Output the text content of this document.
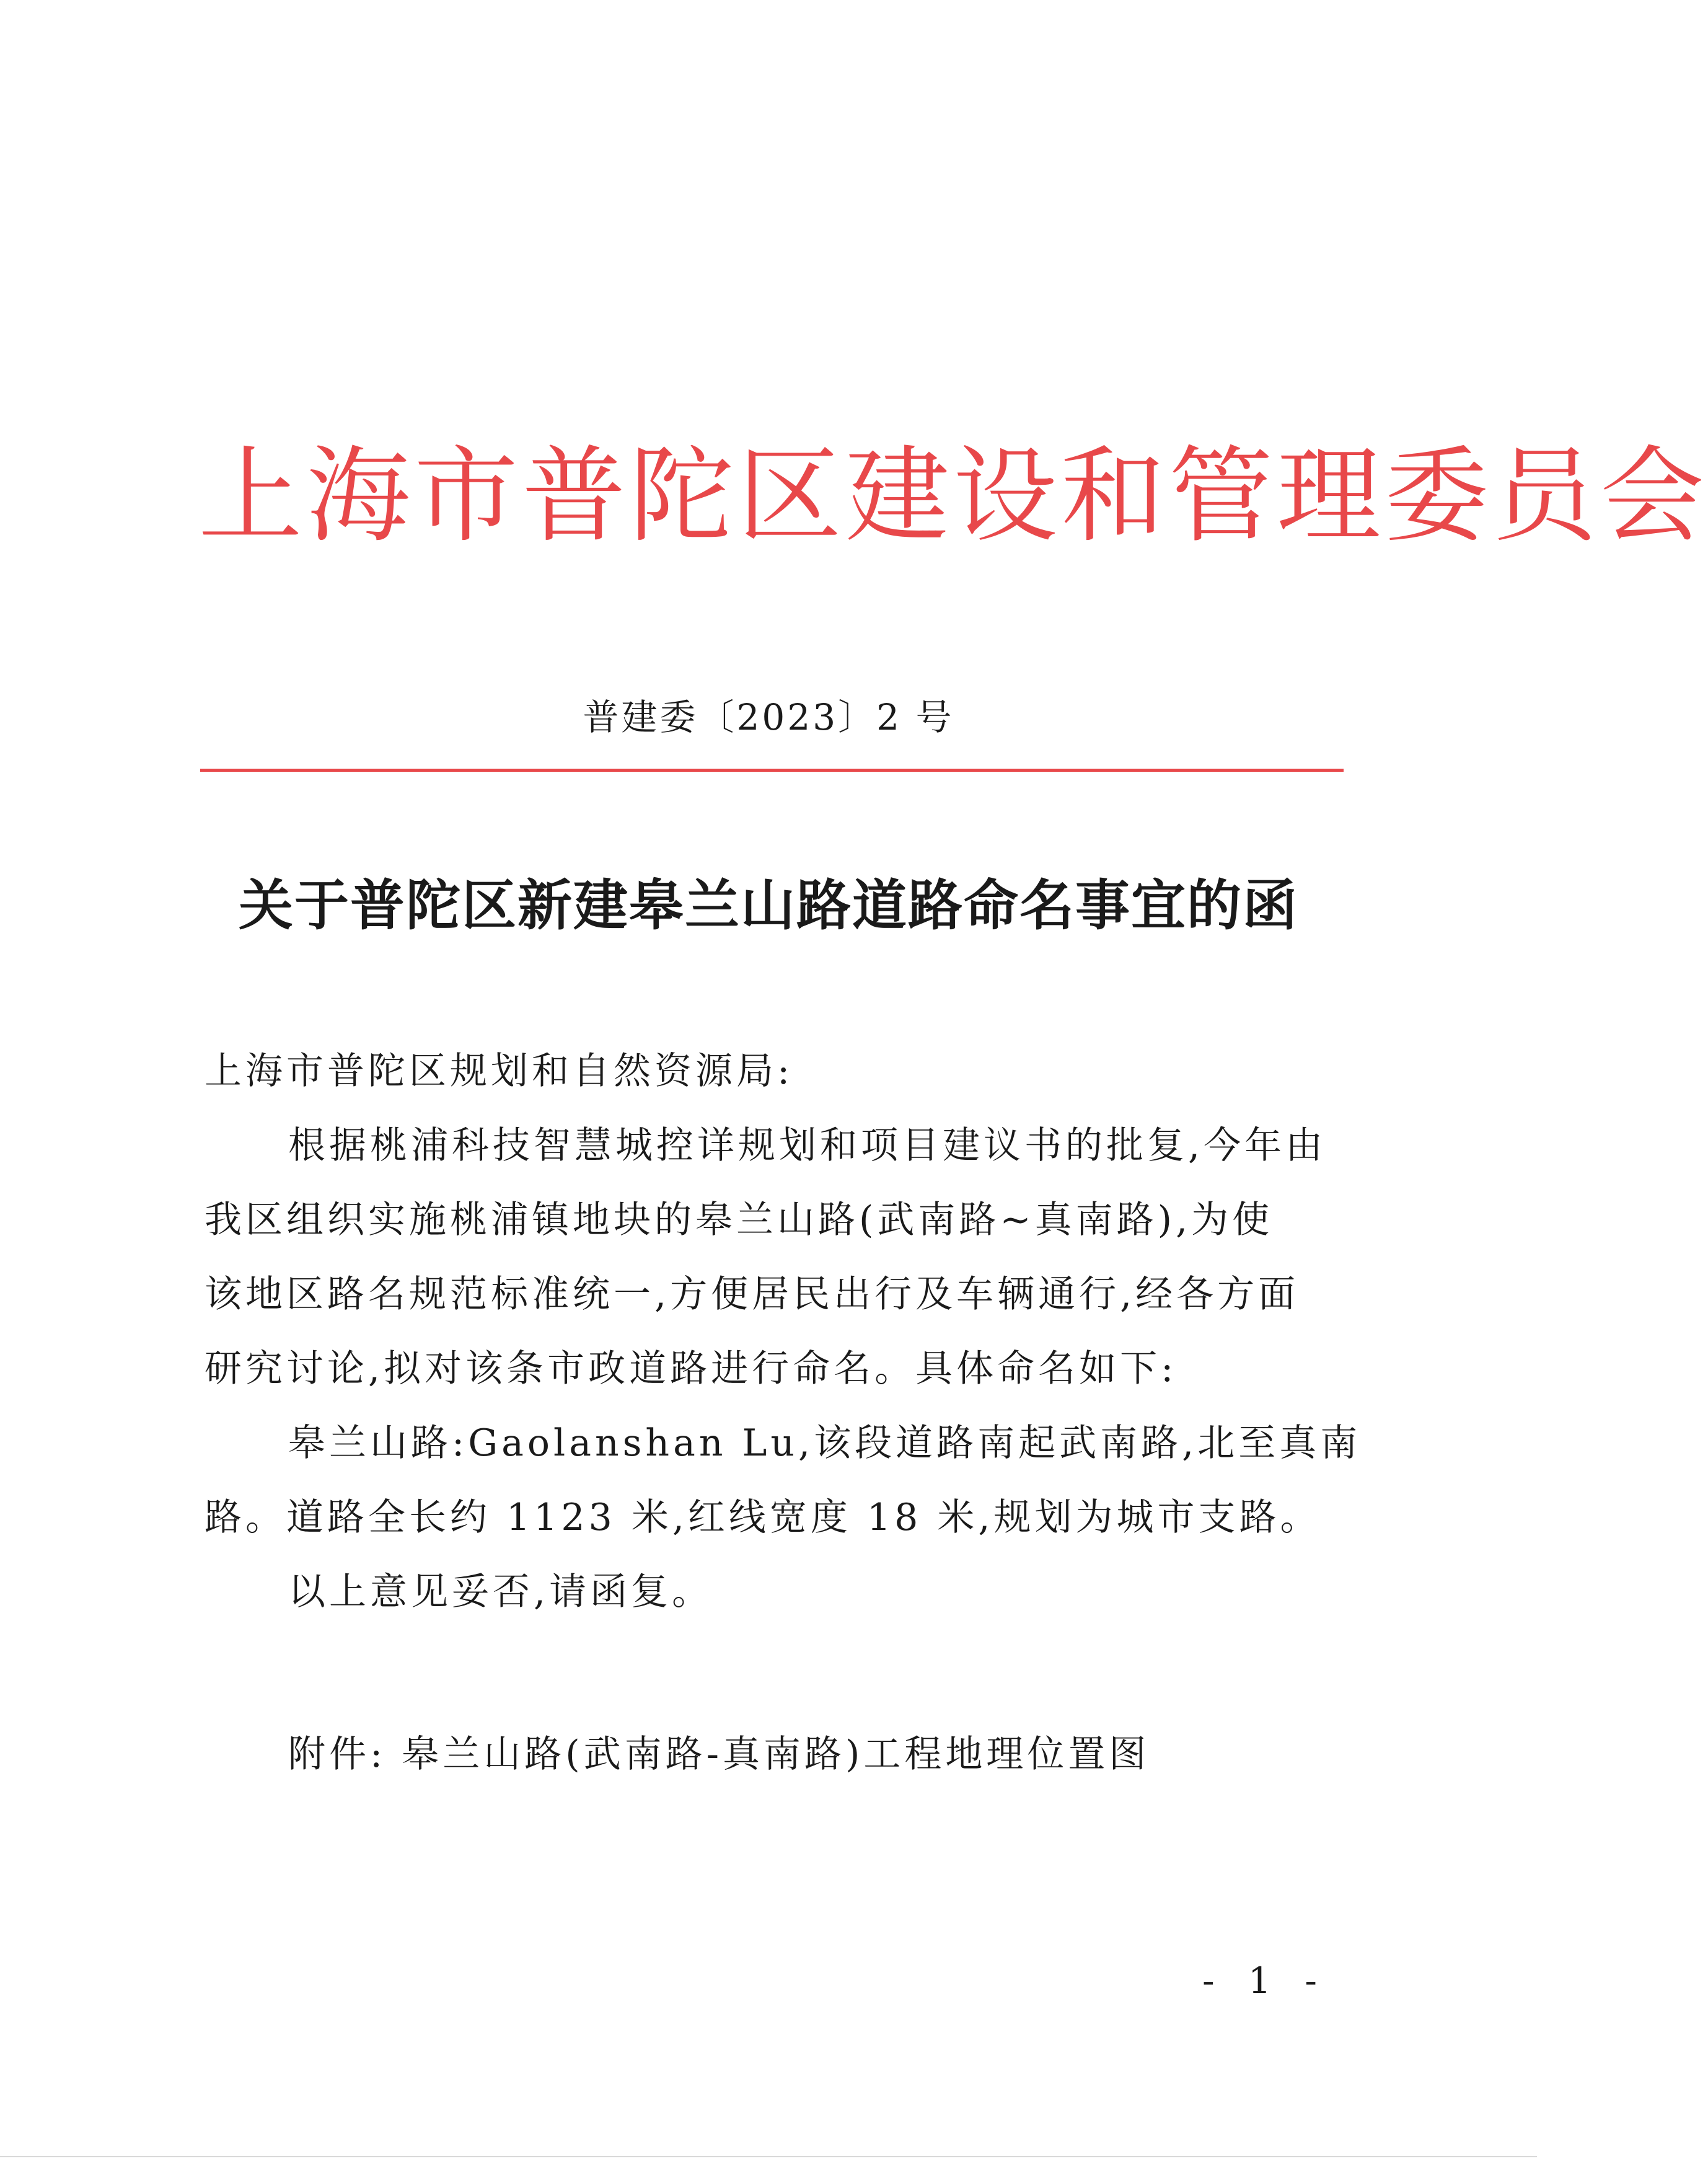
上海市普陀区建设和管理委员会
普建委〔2023〕2 号
关于普陀区新建皋兰山路道路命名事宜的函
上海市普陀区规划和自然资源局:
根据桃浦科技智慧城控详规划和项目建议书的批复,今年由
我区组织实施桃浦镇地块的皋兰山路(武南路~真南路),为使
该地区路名规范标准统一,方便居民出行及车辆通行,经各方面
研究讨论,拟对该条市政道路进行命名。具体命名如下:
皋兰山路:Gaolanshan Lu,该段道路南起武南路,北至真南
路。道路全长约 1123 米,红线宽度 18 米,规划为城市支路。
以上意见妥否,请函复。
附件: 皋兰山路(武南路-真南路)工程地理位置图
- 1 -
